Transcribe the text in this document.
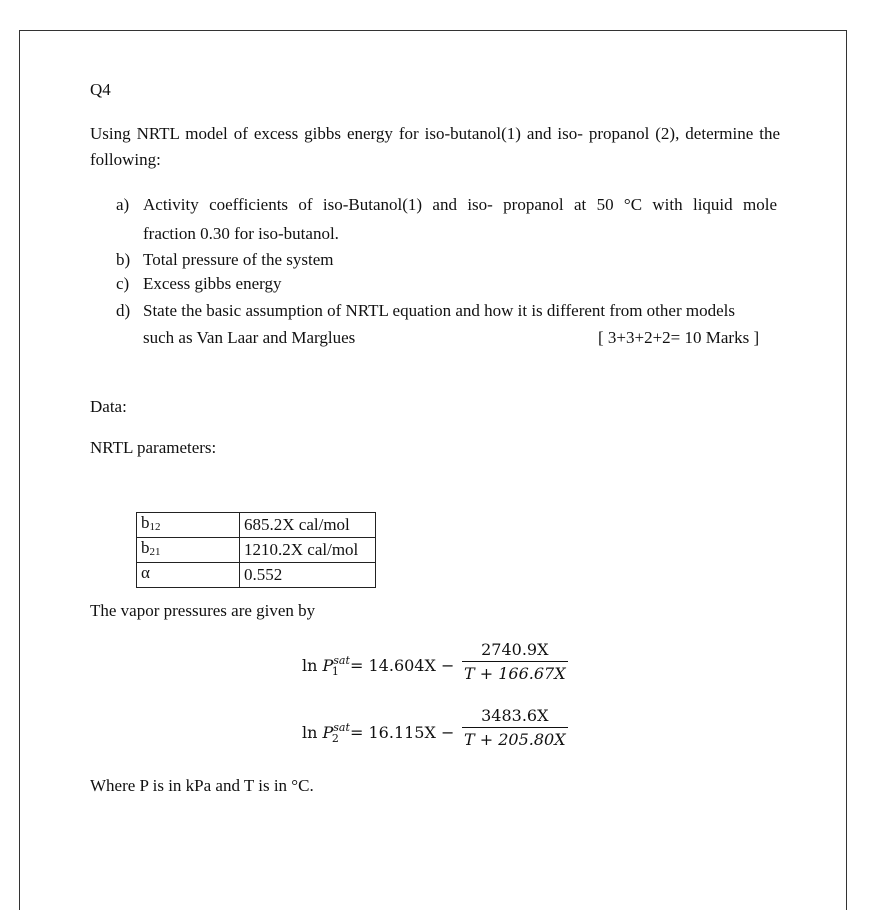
Q4
Using NRTL model of excess gibbs energy for iso-butanol(1) and iso- propanol (2), determine the following:
a) Activity coefficients of iso-Butanol(1) and iso- propanol at 50 °C with liquid mole
fraction 0.30 for iso-butanol.
b) Total pressure of the system
c) Excess gibbs energy
d) State the basic assumption of NRTL equation and how it is different from other models
such as Van Laar and Marglues	[ 3+3+2+2= 10 Marks ]
Data:
NRTL parameters:
b12	685.2X cal/mol
b21	1210.2X cal/mol
α	0.552
The vapor pressures are given by
$\ln P^{sat}_1 = 14.604X - \frac{2740.9X}{T + 166.67X}$
$\ln P^{sat}_2 = 16.115X - \frac{3483.6X}{T + 205.80X}$
Where P is in kPa and T is in °C.
